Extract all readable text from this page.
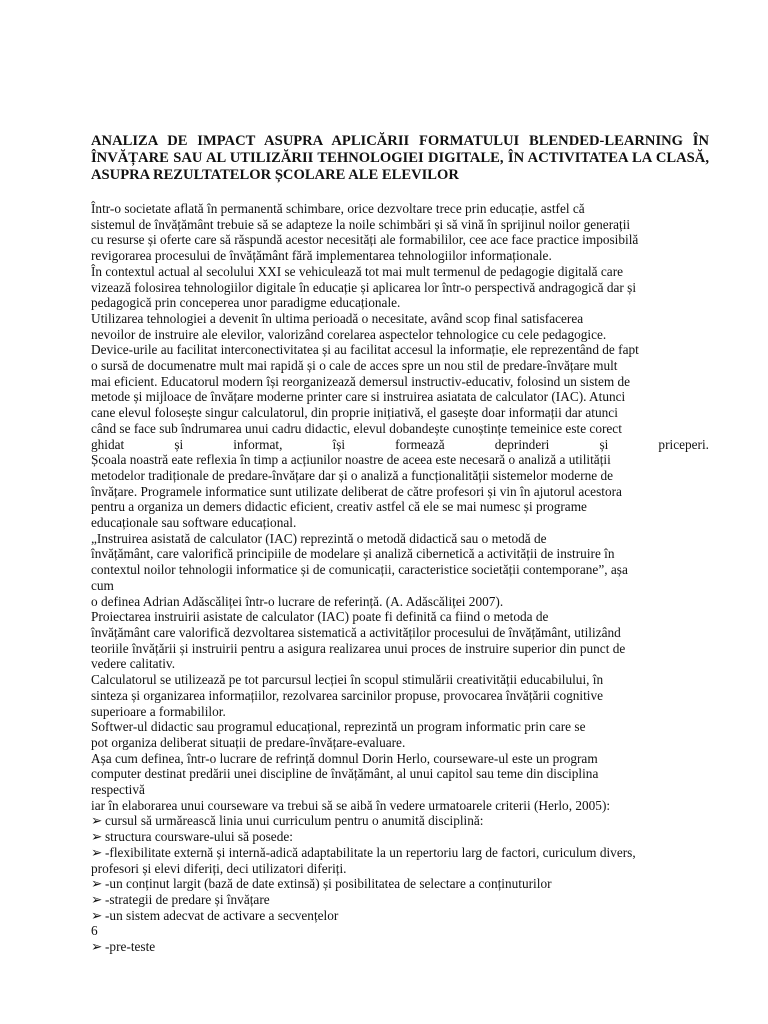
ANALIZA DE IMPACT ASUPRA APLICĂRII FORMATULUI BLENDED-LEARNING ÎN ÎNVĂȚARE SAU AL UTILIZĂRII TEHNOLOGIEI DIGITALE, ÎN ACTIVITATEA LA CLASĂ, ASUPRA REZULTATELOR ȘCOLARE ALE ELEVILOR
Într-o societate aflată în permanentă schimbare, orice dezvoltare trece prin educație, astfel că
sistemul de învățământ trebuie să se adapteze la noile schimbări și să vină în sprijinul noilor generații
cu resurse și oferte care să răspundă acestor necesități ale formabililor, cee ace face practice imposibilă
revigorarea procesului de învățământ fără implementarea tehnologiilor informaționale.
În contextul actual al secolului XXI se vehiculează tot mai mult termenul de pedagogie digitală care
vizează folosirea tehnologiilor digitale în educație și aplicarea lor într-o perspectivă andragogică dar și
pedagogică prin conceperea unor paradigme educaționale.
Utilizarea tehnologiei a devenit în ultima perioadă o necesitate, având scop final satisfacerea
nevoilor de instruire ale elevilor, valorizând corelarea aspectelor tehnologice cu cele pedagogice.
Device-urile au facilitat interconectivitatea și au facilitat accesul la informație, ele reprezentând de fapt
o sursă de documenatre mult mai rapidă și o cale de acces spre un nou stil de predare-învățare mult
mai eficient. Educatorul modern își reorganizează demersul instructiv-educativ, folosind un sistem de
metode și mijloace de învățare moderne printer care si instruirea asiatata de calculator (IAC). Atunci
cane elevul folosește singur calculatorul, din proprie inițiativă, el gasește doar informații dar atunci
când se face sub îndrumarea unui cadru didactic, elevul dobandește cunoștințe temeinice este corect
ghidat și informat, își formează deprinderi și priceperi.
Școala noastră eate reflexia în timp a acțiunilor noastre de aceea este necesară o analiză a utilității
metodelor tradiționale de predare-învățare dar și o analiză a funcționalității sistemelor moderne de
învățare. Programele informatice sunt utilizate deliberat de către profesori și vin în ajutorul acestora
pentru a organiza un demers didactic eficient, creativ astfel că ele se mai numesc și programe
educaționale sau software educațional.
„Instruirea asistată de calculator (IAC) reprezintă o metodă didactică sau o metodă de
învățământ, care valorifică principiile de modelare și analiză cibernetică a activității de instruire în
contextul noilor tehnologii informatice și de comunicații, caracteristice societății contemporane”, așa
cum
o definea Adrian Adăscăliței într-o lucrare de referință. (A. Adăscăliței 2007).
Proiectarea instruirii asistate de calculator (IAC) poate fi definită ca fiind o metoda de
învățământ care valorifică dezvoltarea sistematică a activităților procesului de învățământ, utilizând
teoriile învățării și instruirii pentru a asigura realizarea unui proces de instruire superior din punct de
vedere calitativ.
Calculatorul se utilizează pe tot parcursul lecției în scopul stimulării creativității educabilului, în
sinteza și organizarea informațiilor, rezolvarea sarcinilor propuse, provocarea învățării cognitive
superioare a formabililor.
Softwer-ul didactic sau programul educațional, reprezintă un program informatic prin care se
pot organiza deliberat situații de predare-învățare-evaluare.
Așa cum definea, într-o lucrare de refrință domnul Dorin Herlo, courseware-ul este un program
computer destinat predării unei discipline de învățământ, al unui capitol sau teme din disciplina
respectivă
iar în elaborarea unui courseware va trebui să se aibă în vedere urmatoarele criterii (Herlo, 2005):
➢ cursul să urmărească linia unui curriculum pentru o anumită disciplină:
➢ structura courswarе-ului să posede:
➢ -flexibilitate externă și internă-adică adaptabilitate la un repertoriu larg de factori, curiculum divers,
profesori și elevi diferiți, deci utilizatori diferiți.
➢ -un conținut largit (bază de date extinsă) și posibilitatea de selectare a conținuturilor
➢ -strategii de predare și învățare
➢ -un sistem adecvat de activare a secvențelor
6
➢ -pre-teste
